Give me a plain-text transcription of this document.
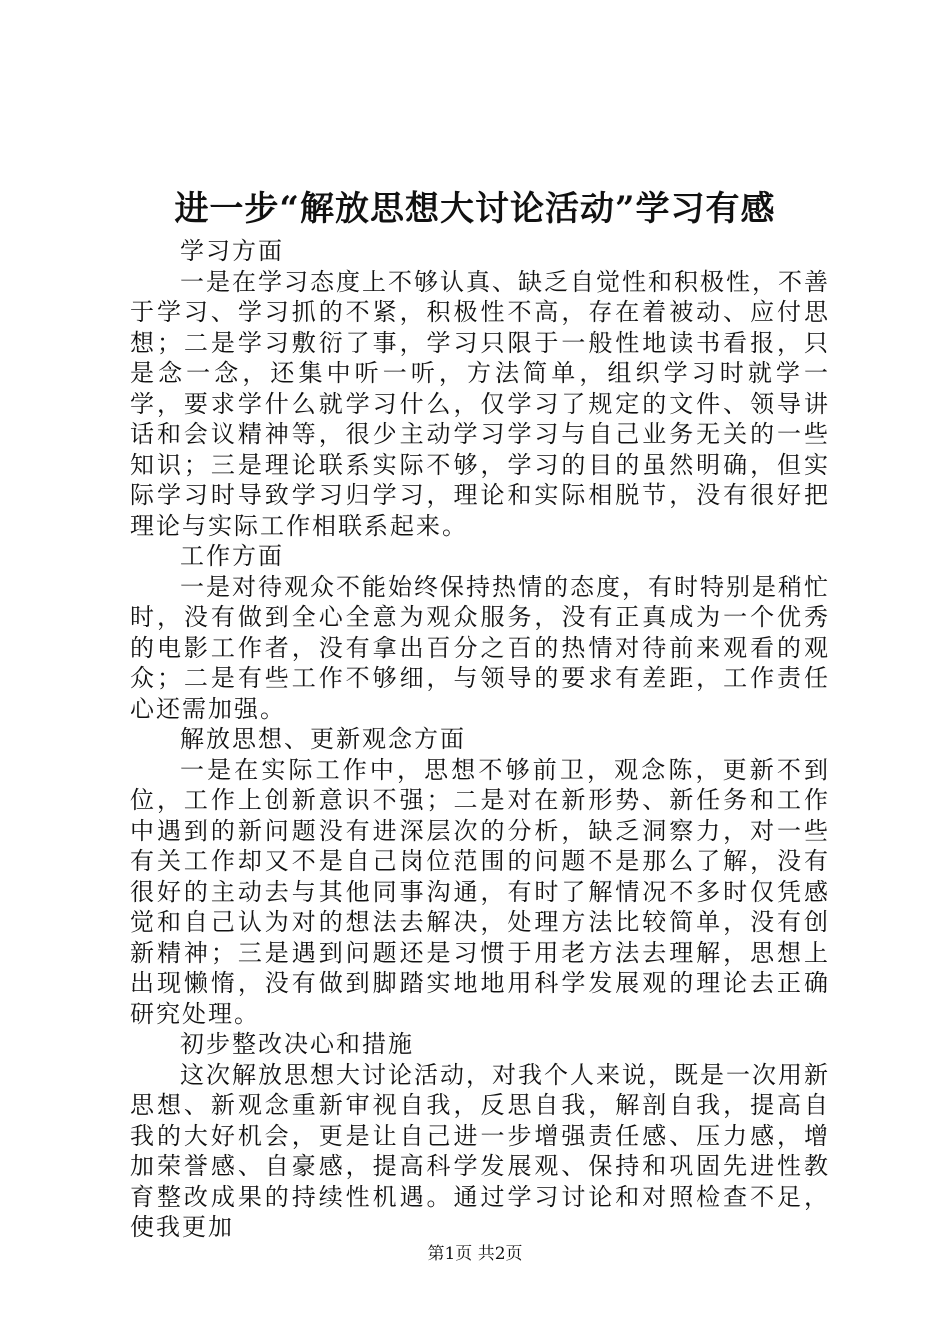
进一步“解放思想大讨论活动”学习有感

学习方面

一是在学习态度上不够认真、缺乏自觉性和积极性，不善于学习、学习抓的不紧，积极性不高，存在着被动、应付思想；二是学习敷衍了事，学习只限于一般性地读书看报，只是念一念，还集中听一听，方法简单，组织学习时就学一学，要求学什么就学习什么，仅学习了规定的文件、领导讲话和会议精神等，很少主动学习学习与自己业务无关的一些知识；三是理论联系实际不够，学习的目的虽然明确，但实际学习时导致学习归学习，理论和实际相脱节，没有很好把理论与实际工作相联系起来。

工作方面

一是对待观众不能始终保持热情的态度，有时特别是稍忙时，没有做到全心全意为观众服务，没有正真成为一个优秀的电影工作者，没有拿出百分之百的热情对待前来观看的观众；二是有些工作不够细，与领导的要求有差距，工作责任心还需加强。

解放思想、更新观念方面

一是在实际工作中，思想不够前卫，观念陈，更新不到位，工作上创新意识不强；二是对在新形势、新任务和工作中遇到的新问题没有进深层次的分析，缺乏洞察力，对一些有关工作却又不是自己岗位范围的问题不是那么了解，没有很好的主动去与其他同事沟通，有时了解情况不多时仅凭感觉和自己认为对的想法去解决，处理方法比较简单，没有创新精神；三是遇到问题还是习惯于用老方法去理解，思想上出现懒惰，没有做到脚踏实地地用科学发展观的理论去正确研究处理。

初步整改决心和措施

这次解放思想大讨论活动，对我个人来说，既是一次用新思想、新观念重新审视自我，反思自我，解剖自我，提高自我的大好机会，更是让自己进一步增强责任感、压力感，增加荣誉感、自豪感，提高科学发展观、保持和巩固先进性教育整改成果的持续性机遇。通过学习讨论和对照检查不足，使我更加

第1页 共2页
